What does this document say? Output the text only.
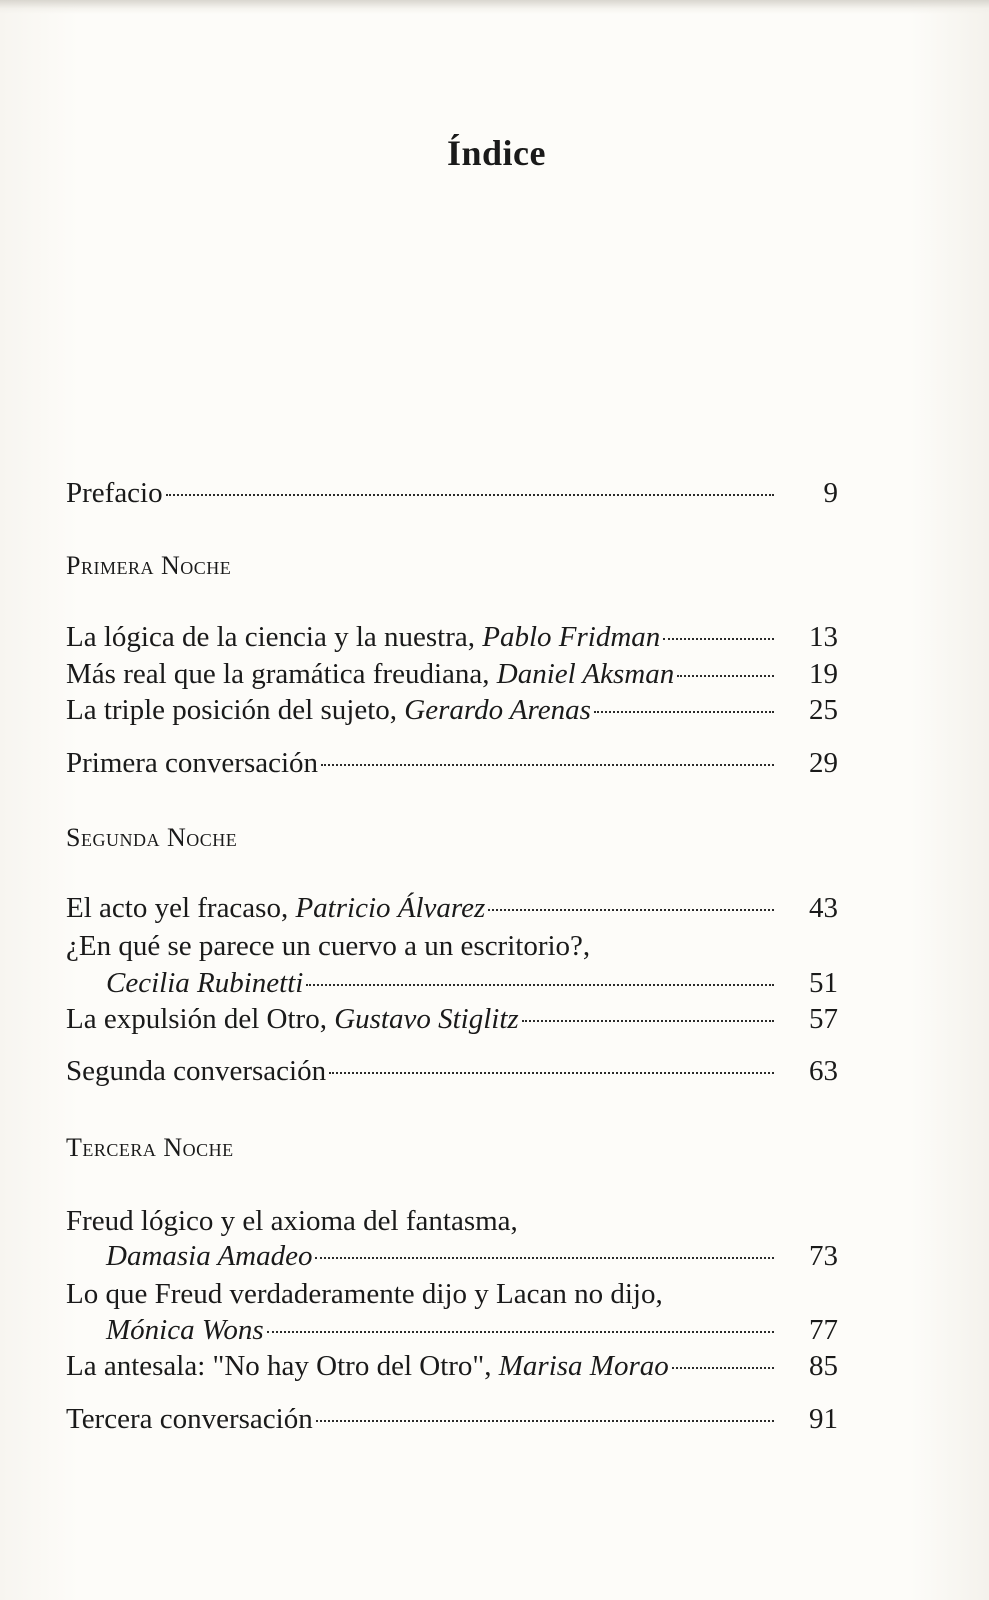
Índice
Prefacio	9
Primera Noche
La lógica de la ciencia y la nuestra, Pablo Fridman	13
Más real que la gramática freudiana, Daniel Aksman	19
La triple posición del sujeto, Gerardo Arenas	25
Primera conversación	29
Segunda Noche
El acto yel fracaso, Patricio Álvarez	43
¿En qué se parece un cuervo a un escritorio?,
Cecilia Rubinetti	51
La expulsión del Otro, Gustavo Stiglitz	57
Segunda conversación	63
Tercera Noche
Freud lógico y el axioma del fantasma,
Damasia Amadeo	73
Lo que Freud verdaderamente dijo y Lacan no dijo,
Mónica Wons	77
La antesala: "No hay Otro del Otro", Marisa Morao	85
Tercera conversación	91
